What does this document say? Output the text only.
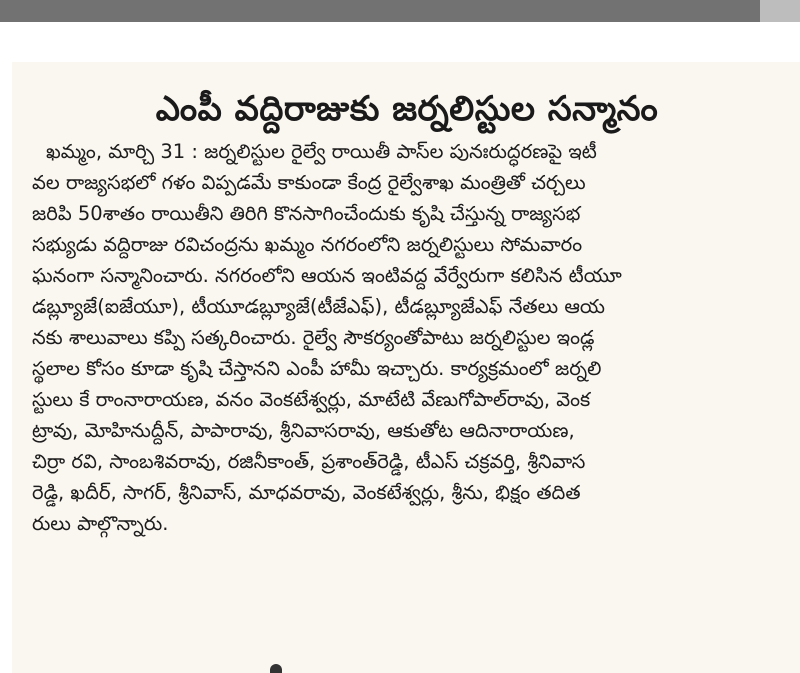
ఎంపీ వద్దిరాజుకు జర్నలిస్టుల సన్మానం
ఖమ్మం, మార్చి 31 : జర్నలిస్టుల రైల్వే రాయితీ పాస్‌ల పునఃరుద్ధరణపై ఇటీ
వల రాజ్యసభలో గళం విప్పడమే కాకుండా కేంద్ర రైల్వేశాఖ మంత్రితో చర్చలు
జరిపి 50శాతం రాయితీని తిరిగి కొనసాగించేందుకు కృషి చేస్తున్న రాజ్యసభ
సభ్యుడు వద్దిరాజు రవిచంద్రను ఖమ్మం నగరంలోని జర్నలిస్టులు సోమవారం
ఘనంగా సన్మానించారు. నగరంలోని ఆయన ఇంటివద్ద వేర్వేరుగా కలిసిన టీయూ
డబ్ల్యూజే(ఐజేయూ), టీయూడబ్ల్యూజే(టీజేఎఫ్), టీడబ్ల్యూజేఎఫ్ నేతలు ఆయ
నకు శాలువాలు కప్పి సత్కరించారు. రైల్వే సౌకర్యంతోపాటు జర్నలిస్టుల ఇండ్ల
స్థలాల కోసం కూడా కృషి చేస్తానని ఎంపీ హామీ ఇచ్చారు. కార్యక్రమంలో జర్నలి
స్టులు కే రాంనారాయణ, వనం వెంకటేశ్వర్లు, మాటేటి వేణుగోపాల్‌రావు, వెంక
ట్రావు, మోహినుద్దీన్, పాపారావు, శ్రీనివాసరావు, ఆకుతోట ఆదినారాయణ,
చిర్రా రవి, సాంబశివరావు, రజినీకాంత్, ప్రశాంత్‌రెడ్డి, టీఎస్ చక్రవర్తి, శ్రీనివాస
రెడ్డి, ఖదీర్, సాగర్, శ్రీనివాస్, మాధవరావు, వెంకటేశ్వర్లు, శ్రీను, భిక్షం తదిత
రులు పాల్గొన్నారు.
